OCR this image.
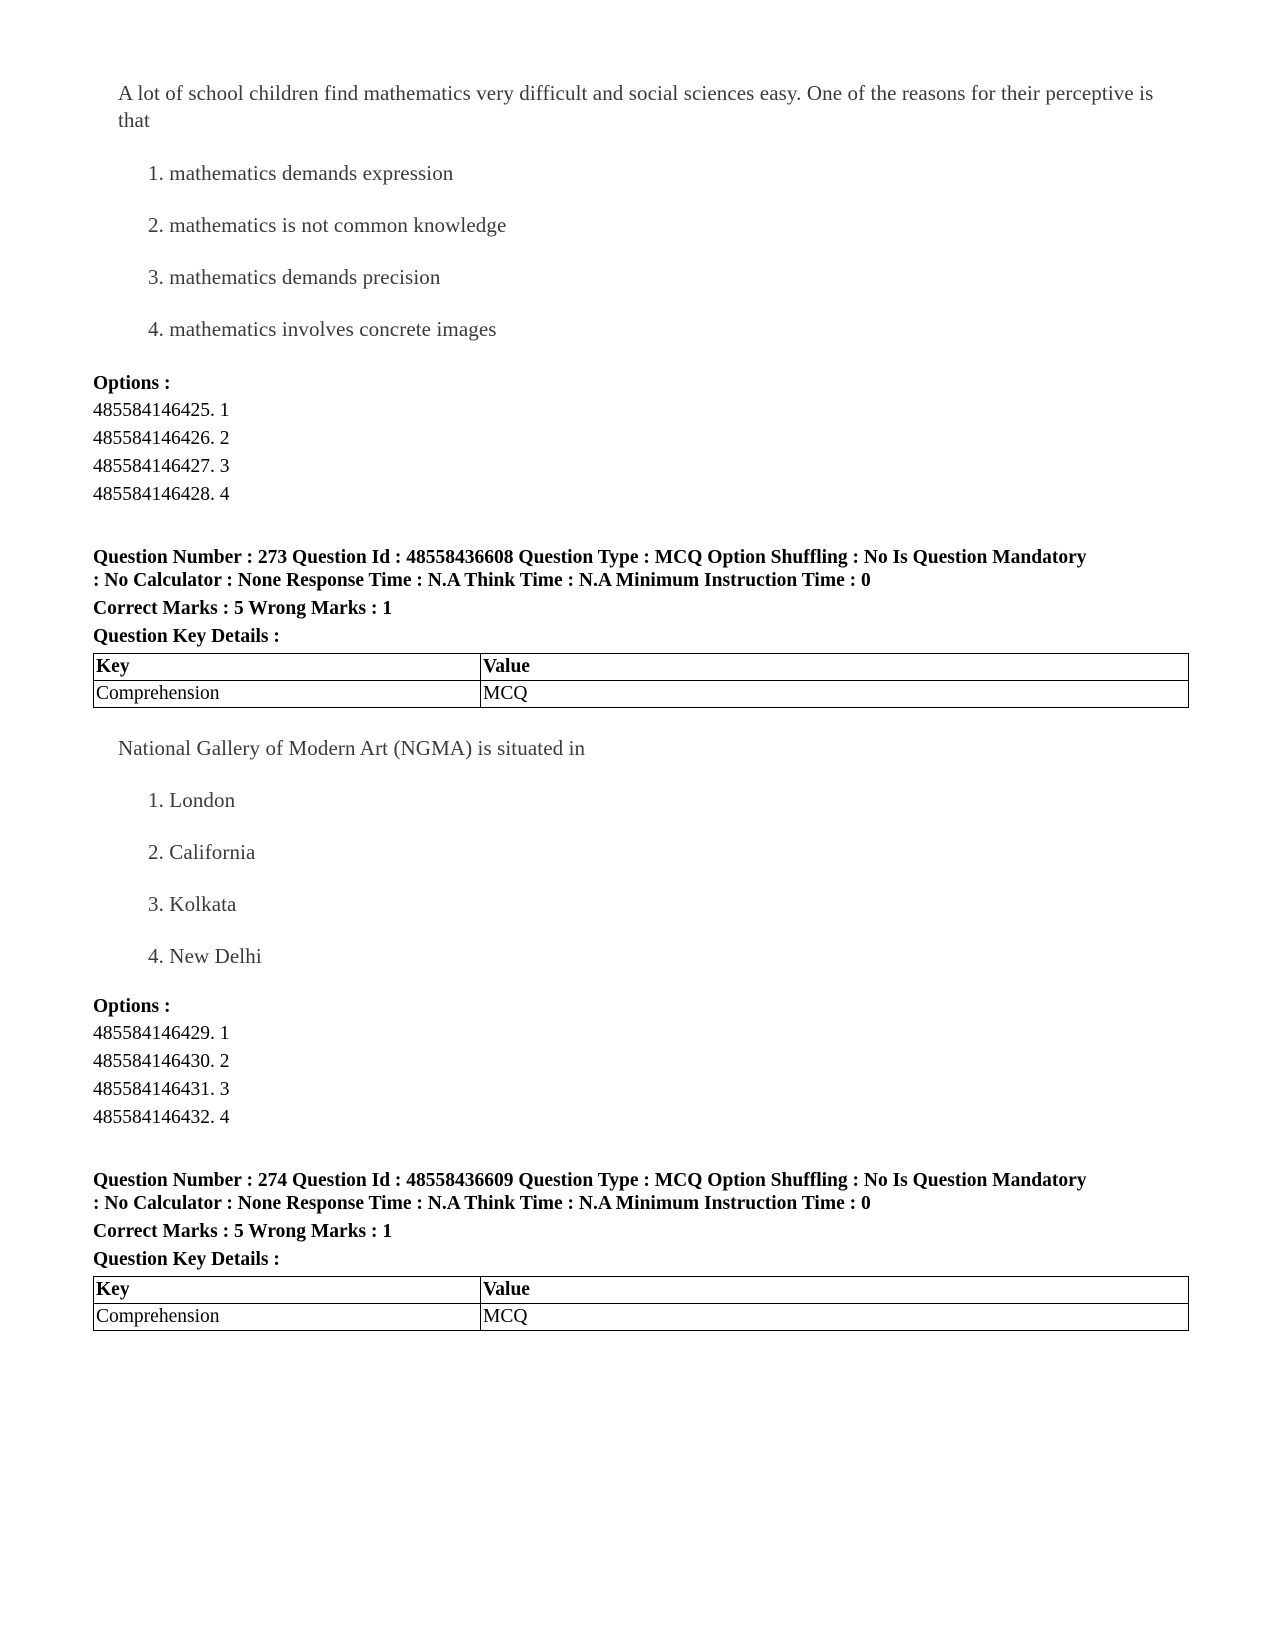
A lot of school children find mathematics very difficult and social sciences easy. One of the reasons for their perceptive is that
1. mathematics demands expression
2. mathematics is not common knowledge
3. mathematics demands precision
4. mathematics involves concrete images
Options :
485584146425. 1
485584146426. 2
485584146427. 3
485584146428. 4
Question Number : 273 Question Id : 48558436608 Question Type : MCQ Option Shuffling : No Is Question Mandatory
: No Calculator : None Response Time : N.A Think Time : N.A Minimum Instruction Time : 0
Correct Marks : 5 Wrong Marks : 1
Question Key Details :
Key	Value
Comprehension	MCQ
National Gallery of Modern Art (NGMA) is situated in
1. London
2. California
3. Kolkata
4. New Delhi
Options :
485584146429. 1
485584146430. 2
485584146431. 3
485584146432. 4
Question Number : 274 Question Id : 48558436609 Question Type : MCQ Option Shuffling : No Is Question Mandatory
: No Calculator : None Response Time : N.A Think Time : N.A Minimum Instruction Time : 0
Correct Marks : 5 Wrong Marks : 1
Question Key Details :
Key	Value
Comprehension	MCQ
